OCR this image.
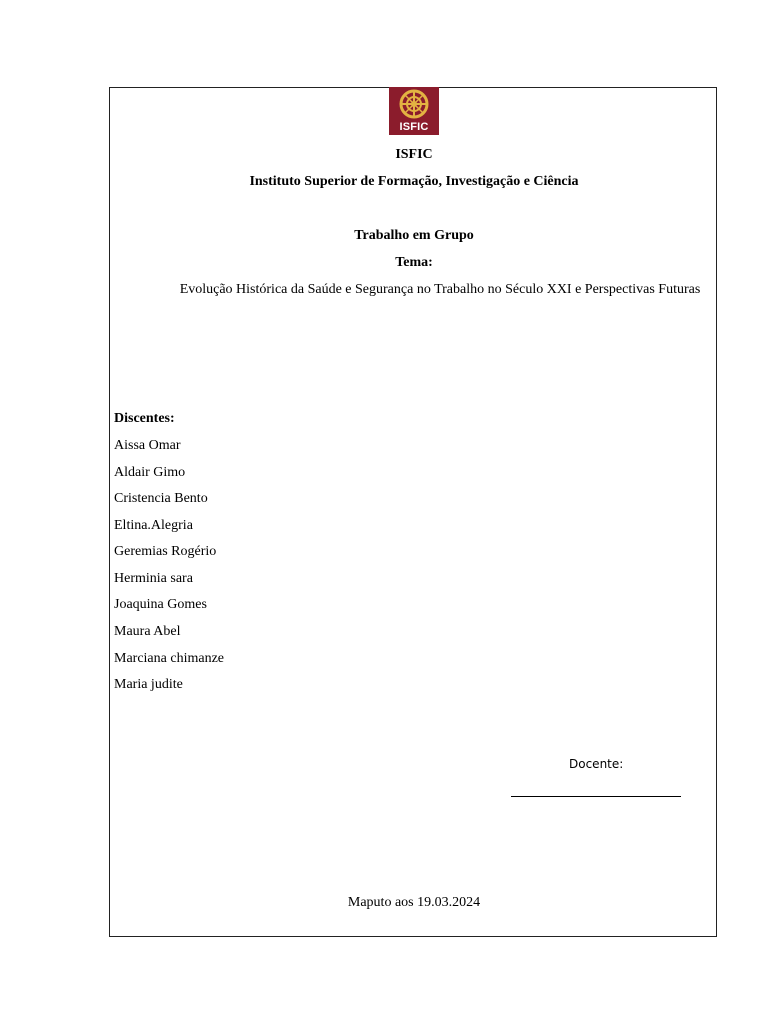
ISFIC
ISFIC
Instituto Superior de Formação, Investigação e Ciência
Trabalho em Grupo
Tema:
Evolução Histórica da Saúde e Segurança no Trabalho no Século XXI e Perspectivas Futuras
Discentes:
Aissa Omar
Aldair Gimo
Cristencia Bento
Eltina.Alegria
Geremias Rogério
Herminia sara
Joaquina Gomes
Maura Abel
Marciana chimanze
Maria judite
Docente:
Maputo aos 19.03.2024
